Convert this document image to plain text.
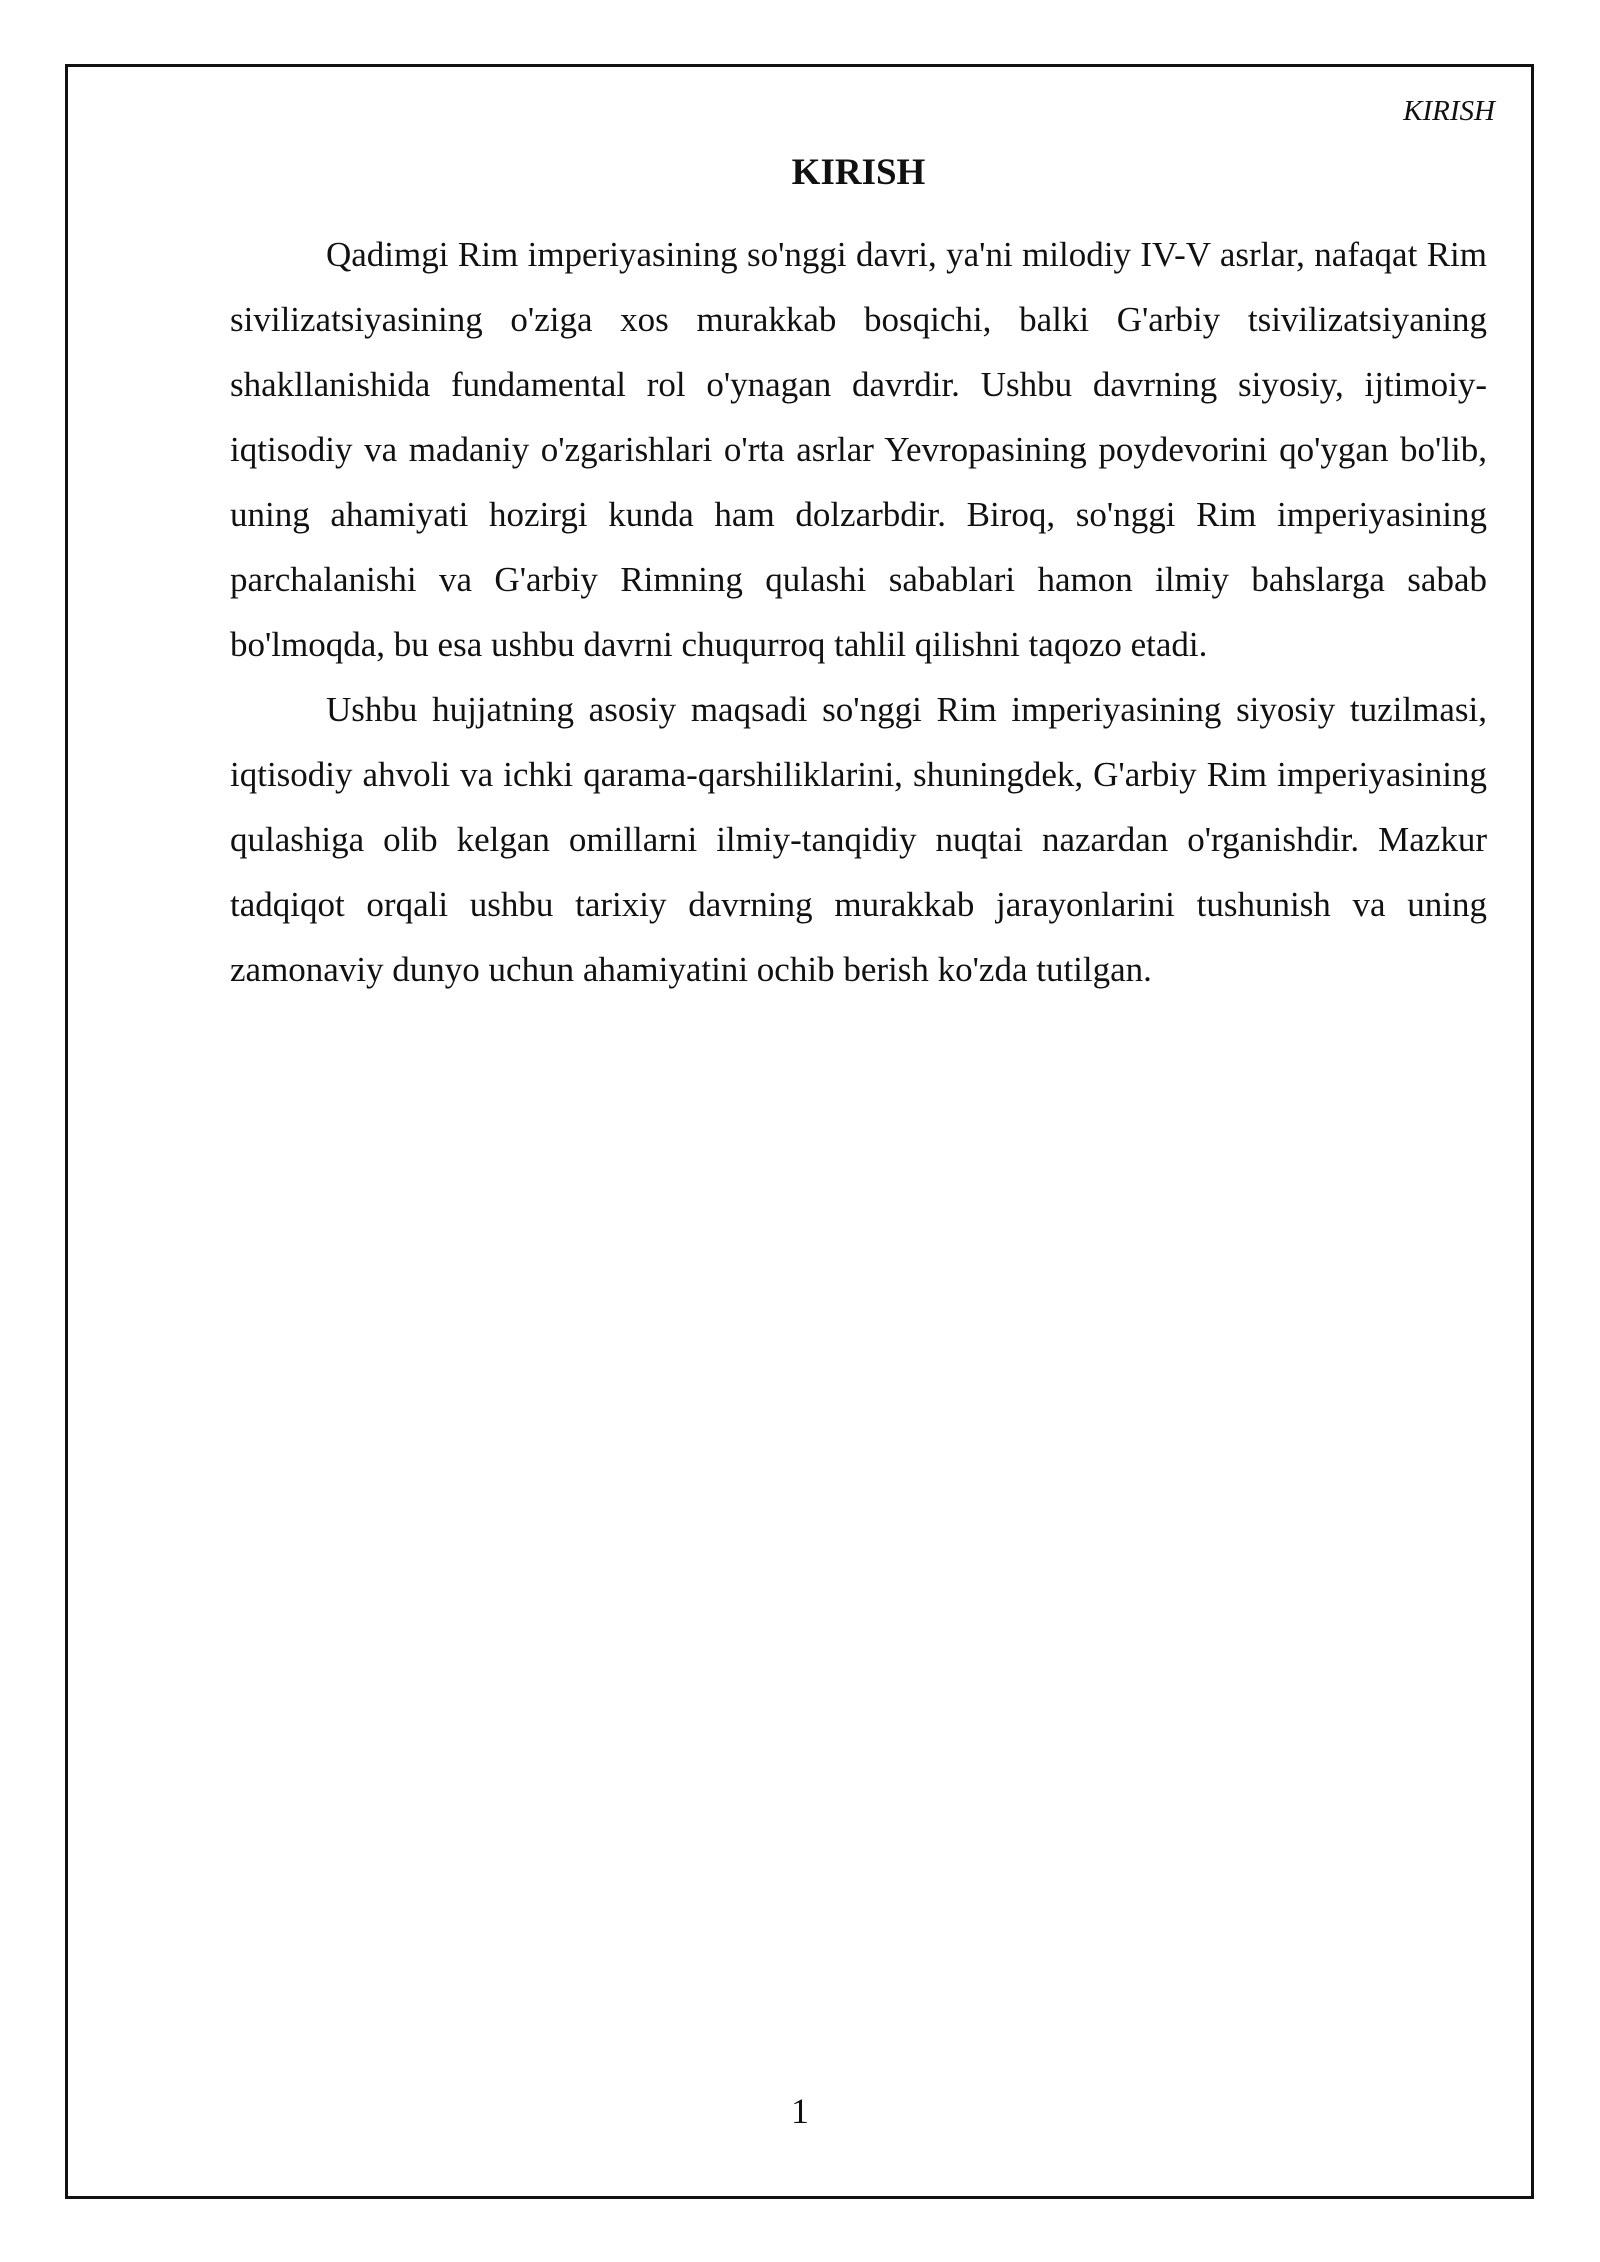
KIRISH
KIRISH

Qadimgi Rim imperiyasining so'nggi davri, ya'ni milodiy IV-V asrlar, nafaqat Rim sivilizatsiyasining o'ziga xos murakkab bosqichi, balki G'arbiy tsivilizatsiyaning shakllanishida fundamental rol o'ynagan davrdir. Ushbu davrning siyosiy, ijtimoiy-iqtisodiy va madaniy o'zgarishlari o'rta asrlar Yevropasining poydevorini qo'ygan bo'lib, uning ahamiyati hozirgi kunda ham dolzarbdir. Biroq, so'nggi Rim imperiyasining parchalanishi va G'arbiy Rimning qulashi sabablari hamon ilmiy bahslarga sabab bo'lmoqda, bu esa ushbu davrni chuqurroq tahlil qilishni taqozo etadi.

Ushbu hujjatning asosiy maqsadi so'nggi Rim imperiyasining siyosiy tuzilmasi, iqtisodiy ahvoli va ichki qarama-qarshiliklarini, shuningdek, G'arbiy Rim imperiyasining qulashiga olib kelgan omillarni ilmiy-tanqidiy nuqtai nazardan o'rganishdir. Mazkur tadqiqot orqali ushbu tarixiy davrning murakkab jarayonlarini tushunish va uning zamonaviy dunyo uchun ahamiyatini ochib berish ko'zda tutilgan.

1
